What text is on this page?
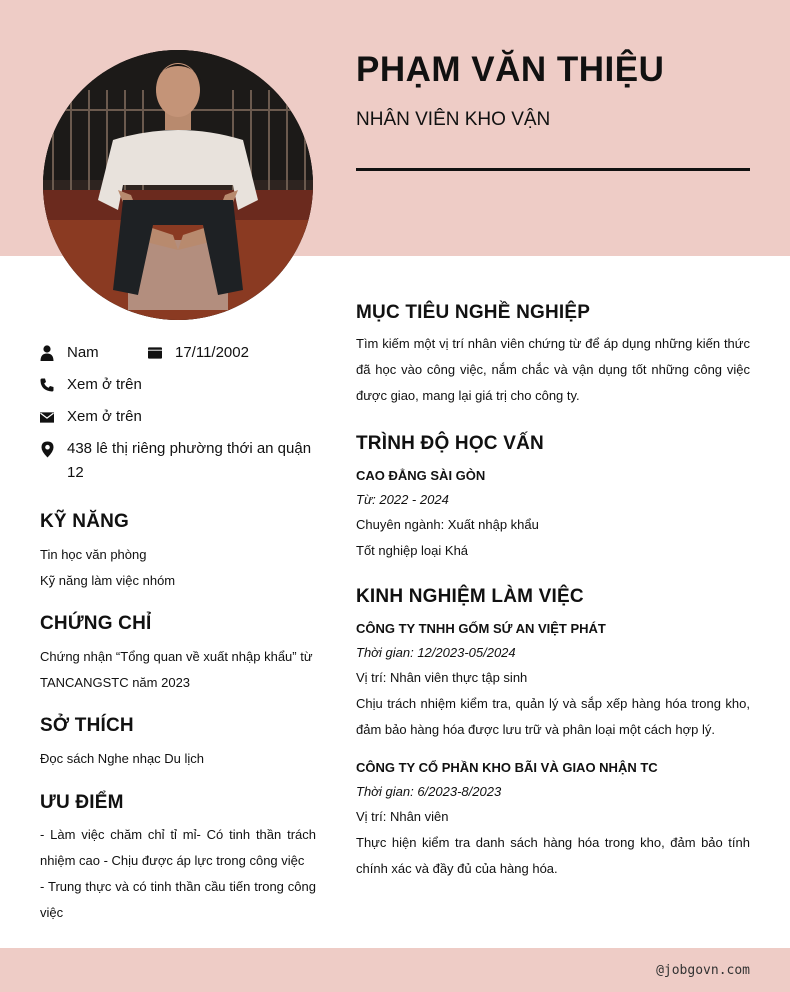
PHẠM VĂN THIỆU
NHÂN VIÊN KHO VẬN
Nam	17/11/2002
Xem ở trên
Xem ở trên
438 lê thị riêng phường thới an quận 12
KỸ NĂNG
Tin học văn phòng
Kỹ năng làm việc nhóm
CHỨNG CHỈ
Chứng nhận “Tổng quan về xuất nhập khẩu” từ TANCANGSTC năm 2023
SỞ THÍCH
Đọc sách Nghe nhạc Du lịch
ƯU ĐIỂM
- Làm việc chăm chỉ tỉ mỉ- Có tinh thần trách nhiệm cao - Chịu được áp lực trong công việc
- Trung thực và có tinh thần cầu tiến trong công việc
MỤC TIÊU NGHỀ NGHIỆP
Tìm kiếm một vị trí nhân viên chứng từ để áp dụng những kiến thức đã học vào công việc, nắm chắc và vận dụng tốt những công việc được giao, mang lại giá trị cho công ty.
TRÌNH ĐỘ HỌC VẤN
CAO ĐẲNG SÀI GÒN
Từ: 2022 - 2024
Chuyên ngành: Xuất nhập khẩu
Tốt nghiệp loại Khá
KINH NGHIỆM LÀM VIỆC
CÔNG TY TNHH GỐM SỨ AN VIỆT PHÁT
Thời gian: 12/2023-05/2024
Vị trí: Nhân viên thực tập sinh
Chịu trách nhiệm kiểm tra, quản lý và sắp xếp hàng hóa trong kho, đảm bảo hàng hóa được lưu trữ và phân loại một cách hợp lý.
CÔNG TY CỔ PHẦN KHO BÃI VÀ GIAO NHẬN TC
Thời gian: 6/2023-8/2023
Vị trí: Nhân viên
Thực hiện kiểm tra danh sách hàng hóa trong kho, đảm bảo tính chính xác và đầy đủ của hàng hóa.
@jobgovn.com
